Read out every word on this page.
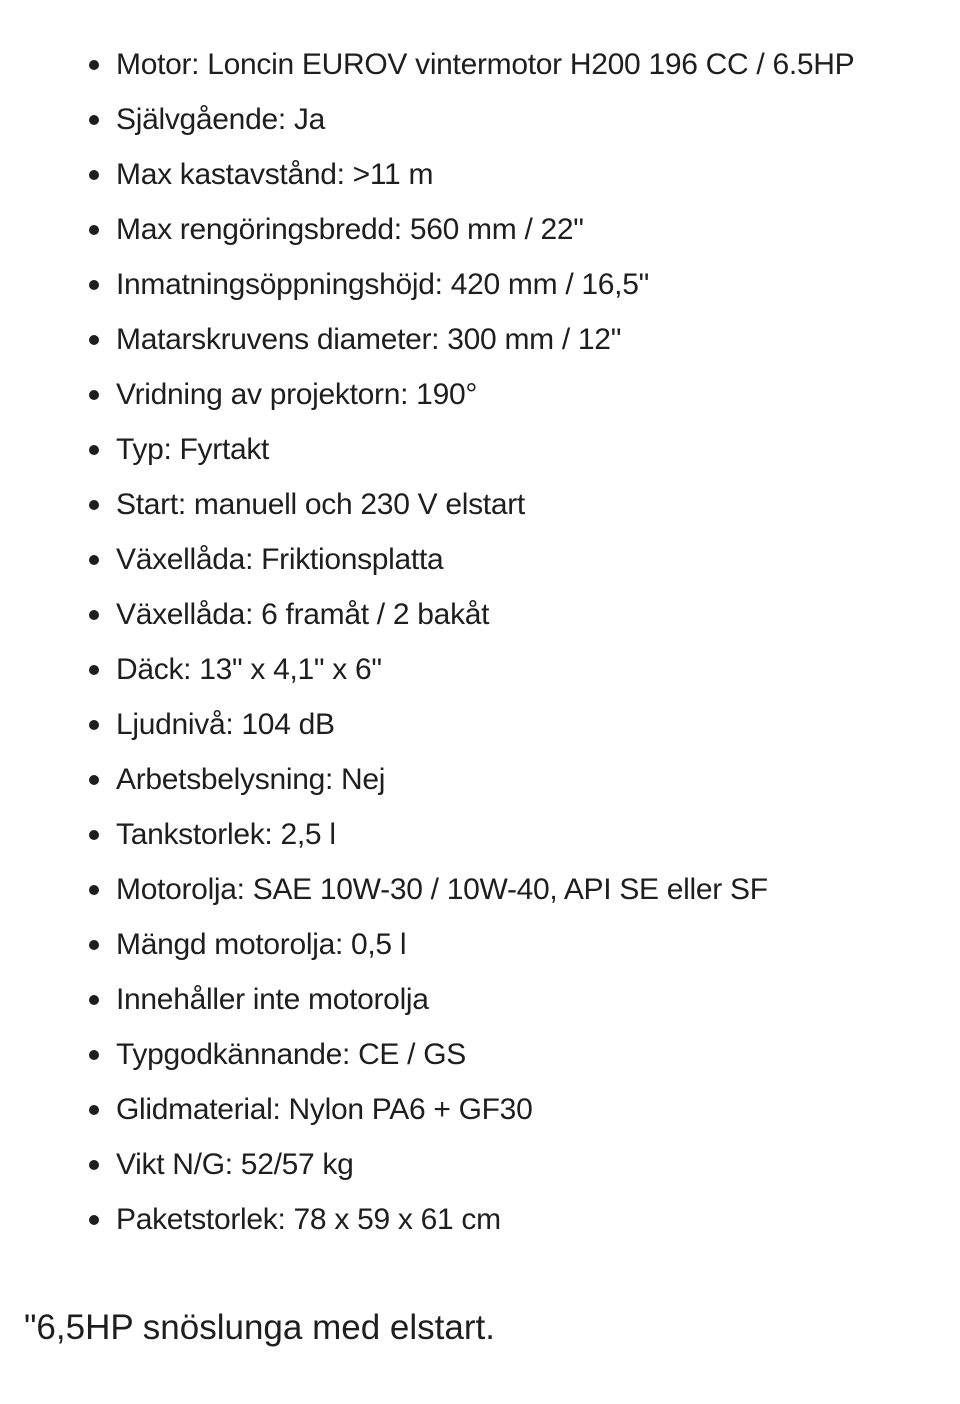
Motor: Loncin EUROV vintermotor H200 196 CC / 6.5HP
Självgående: Ja
Max kastavstånd: >11 m
Max rengöringsbredd: 560 mm / 22"
Inmatningsöppningshöjd: 420 mm / 16,5"
Matarskruvens diameter: 300 mm / 12"
Vridning av projektorn: 190°
Typ: Fyrtakt
Start: manuell och 230 V elstart
Växellåda: Friktionsplatta
Växellåda: 6 framåt / 2 bakåt
Däck: 13" x 4,1" x 6"
Ljudnivå: 104 dB
Arbetsbelysning: Nej
Tankstorlek: 2,5 l
Motorolja: SAE 10W-30 / 10W-40, API SE eller SF
Mängd motorolja: 0,5 l
Innehåller inte motorolja
Typgodkännande: CE / GS
Glidmaterial: Nylon PA6 + GF30
Vikt N/G: 52/57 kg
Paketstorlek: 78 x 59 x 61 cm
"6,5HP snöslunga med elstart.
